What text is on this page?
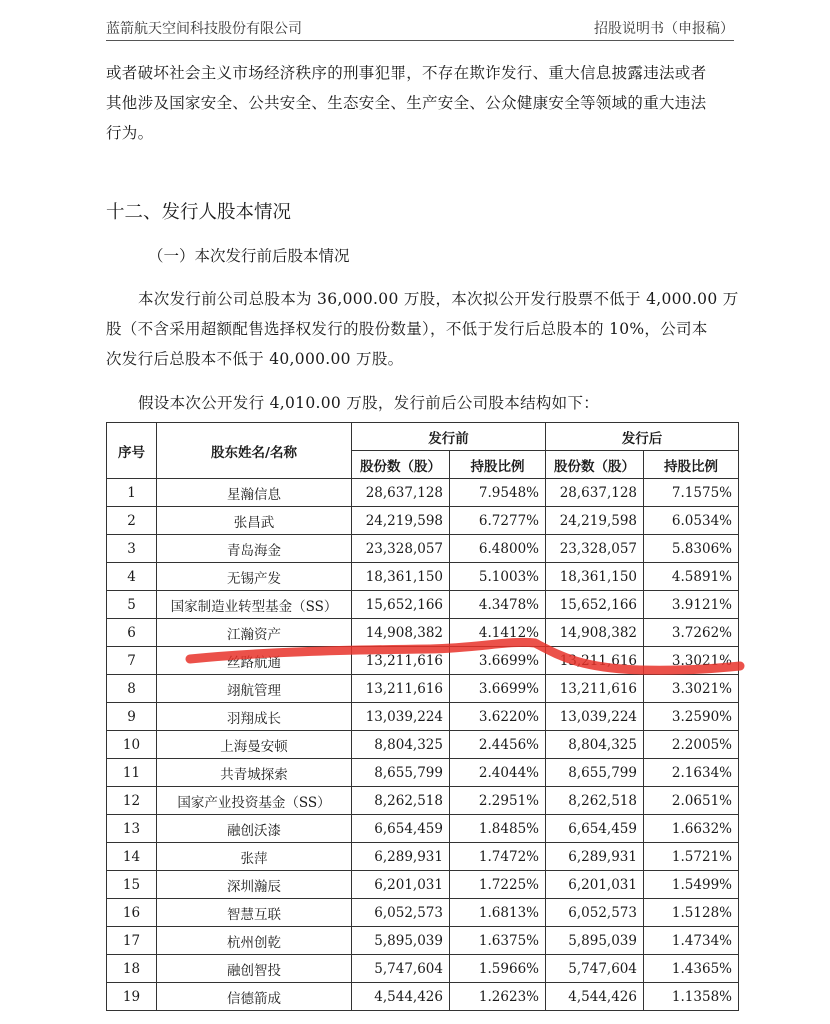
蓝箭航天空间科技股份有限公司	招股说明书（申报稿）
或者破坏社会主义市场经济秩序的刑事犯罪，不存在欺诈发行、重大信息披露违法或者
其他涉及国家安全、公共安全、生态安全、生产安全、公众健康安全等领域的重大违法
行为。
十二、发行人股本情况
（一）本次发行前后股本情况
本次发行前公司总股本为 36,000.00 万股，本次拟公开发行股票不低于 4,000.00 万
股（不含采用超额配售选择权发行的股份数量），不低于发行后总股本的 10%，公司本
次发行后总股本不低于 40,000.00 万股。
假设本次公开发行 4,010.00 万股，发行前后公司股本结构如下：
序号	股东姓名/名称	发行前		发行后	
		股份数（股）	持股比例	股份数（股）	持股比例
1	星瀚信息	28,637,128	7.9548%	28,637,128	7.1575%
2	张昌武	24,219,598	6.7277%	24,219,598	6.0534%
3	青岛海金	23,328,057	6.4800%	23,328,057	5.8306%
4	无锡产发	18,361,150	5.1003%	18,361,150	4.5891%
5	国家制造业转型基金（SS）	15,652,166	4.3478%	15,652,166	3.9121%
6	江瀚资产	14,908,382	4.1412%	14,908,382	3.7262%
7	丝路航通	13,211,616	3.6699%	13,211,616	3.3021%
8	翊航管理	13,211,616	3.6699%	13,211,616	3.3021%
9	羽翔成长	13,039,224	3.6220%	13,039,224	3.2590%
10	上海曼安顿	8,804,325	2.4456%	8,804,325	2.2005%
11	共青城探索	8,655,799	2.4044%	8,655,799	2.1634%
12	国家产业投资基金（SS）	8,262,518	2.2951%	8,262,518	2.0651%
13	融创沃漆	6,654,459	1.8485%	6,654,459	1.6632%
14	张萍	6,289,931	1.7472%	6,289,931	1.5721%
15	深圳瀚辰	6,201,031	1.7225%	6,201,031	1.5499%
16	智慧互联	6,052,573	1.6813%	6,052,573	1.5128%
17	杭州创乾	5,895,039	1.6375%	5,895,039	1.4734%
18	融创智投	5,747,604	1.5966%	5,747,604	1.4365%
19	信德箭成	4,544,426	1.2623%	4,544,426	1.1358%
